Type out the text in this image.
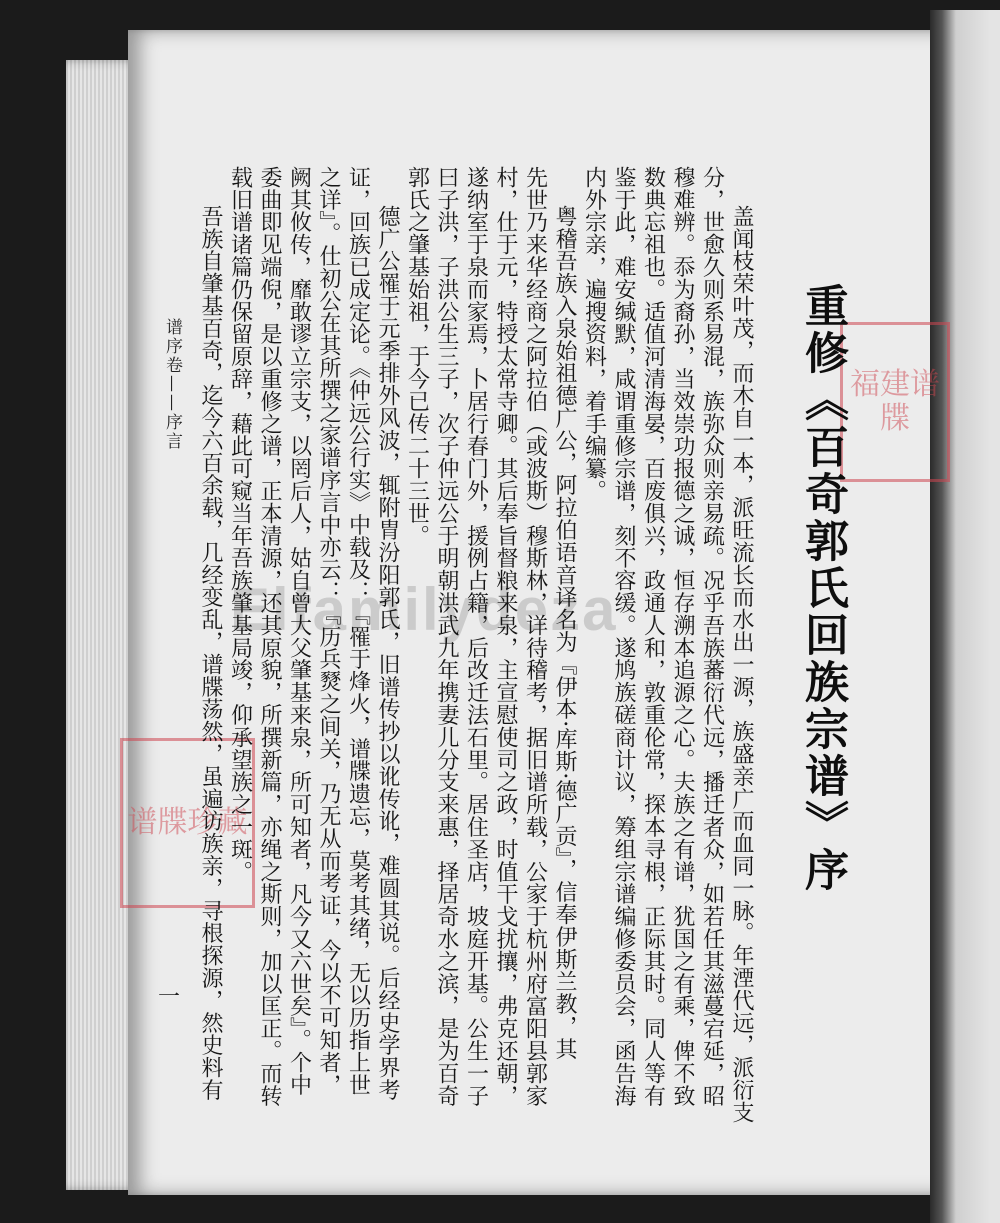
福建谱牒
谱牒珍藏
Elfamilydeza	重修《百奇郭氏回族宗谱》序
谱序卷——序言
一	盖闻枝荣叶茂，而木自一本，派旺流长而水出一源，族盛亲广而血同一脉。年湮代远，派衍支
分，世愈久则系易混，族弥众则亲易疏。况乎吾族蕃衍代远，播迁者众，如若任其滋蔓宕延，昭
穆难辨。忝为裔孙，当效崇功报德之诚，恒存溯本追源之心。夫族之有谱，犹国之有乘，俾不致
数典忘祖也。适值河清海晏，百废俱兴，政通人和，敦重伦常，探本寻根，正际其时。同人等有
鉴于此，难安缄默，咸谓重修宗谱，刻不容缓。遂鸠族磋商计议，筹组宗谱编修委员会，函告海
内外宗亲，遍搜资料，着手编纂。
粤稽吾族入泉始祖德广公，阿拉伯语音译名为『伊本·库斯·德广贡』，信奉伊斯兰教，其
先世乃来华经商之阿拉伯（或波斯）穆斯林，详待稽考，据旧谱所载，公家于杭州府富阳县郭家
村，仕于元，特授太常寺卿。其后奉旨督粮来泉，主宣慰使司之政，时值干戈扰攘，弗克还朝，
遂纳室于泉而家焉，卜居行春门外，援例占籍，后改迁法石里。居住圣店，坡庭开基。公生一子
曰子洪，子洪公生三子，次子仲远公于明朝洪武九年携妻儿分支来惠，择居奇水之滨，是为百奇
郭氏之肇基始祖，于今已传二十三世。
德广公罹于元季排外风波，辄附胄汾阳郭氏，旧谱传抄以讹传讹，难圆其说。后经史学界考
证，回族已成定论。《仲远公行实》中载及：『罹于烽火，谱牒遗忘，莫考其绪，无以历指上世
之详』。仕初公在其所撰之家谱序言中亦云：『历兵燹之间关，乃无从而考证，今以不可知者，
阙其攸传，靡敢谬立宗支，以罔后人，姑自曾大父肇基来泉，所可知者，凡今又六世矣』。个中
委曲即见端倪，是以重修之谱，正本清源，还其原貌，所撰新篇，亦绳之斯则，加以匡正。而转
载旧谱诸篇仍保留原辞，藉此可窥当年吾族肇基局竣，仰承望族之一斑。
吾族自肇基百奇，迄今六百余载，几经变乱，谱牒荡然，虽遍访族亲，寻根探源，然史料有
